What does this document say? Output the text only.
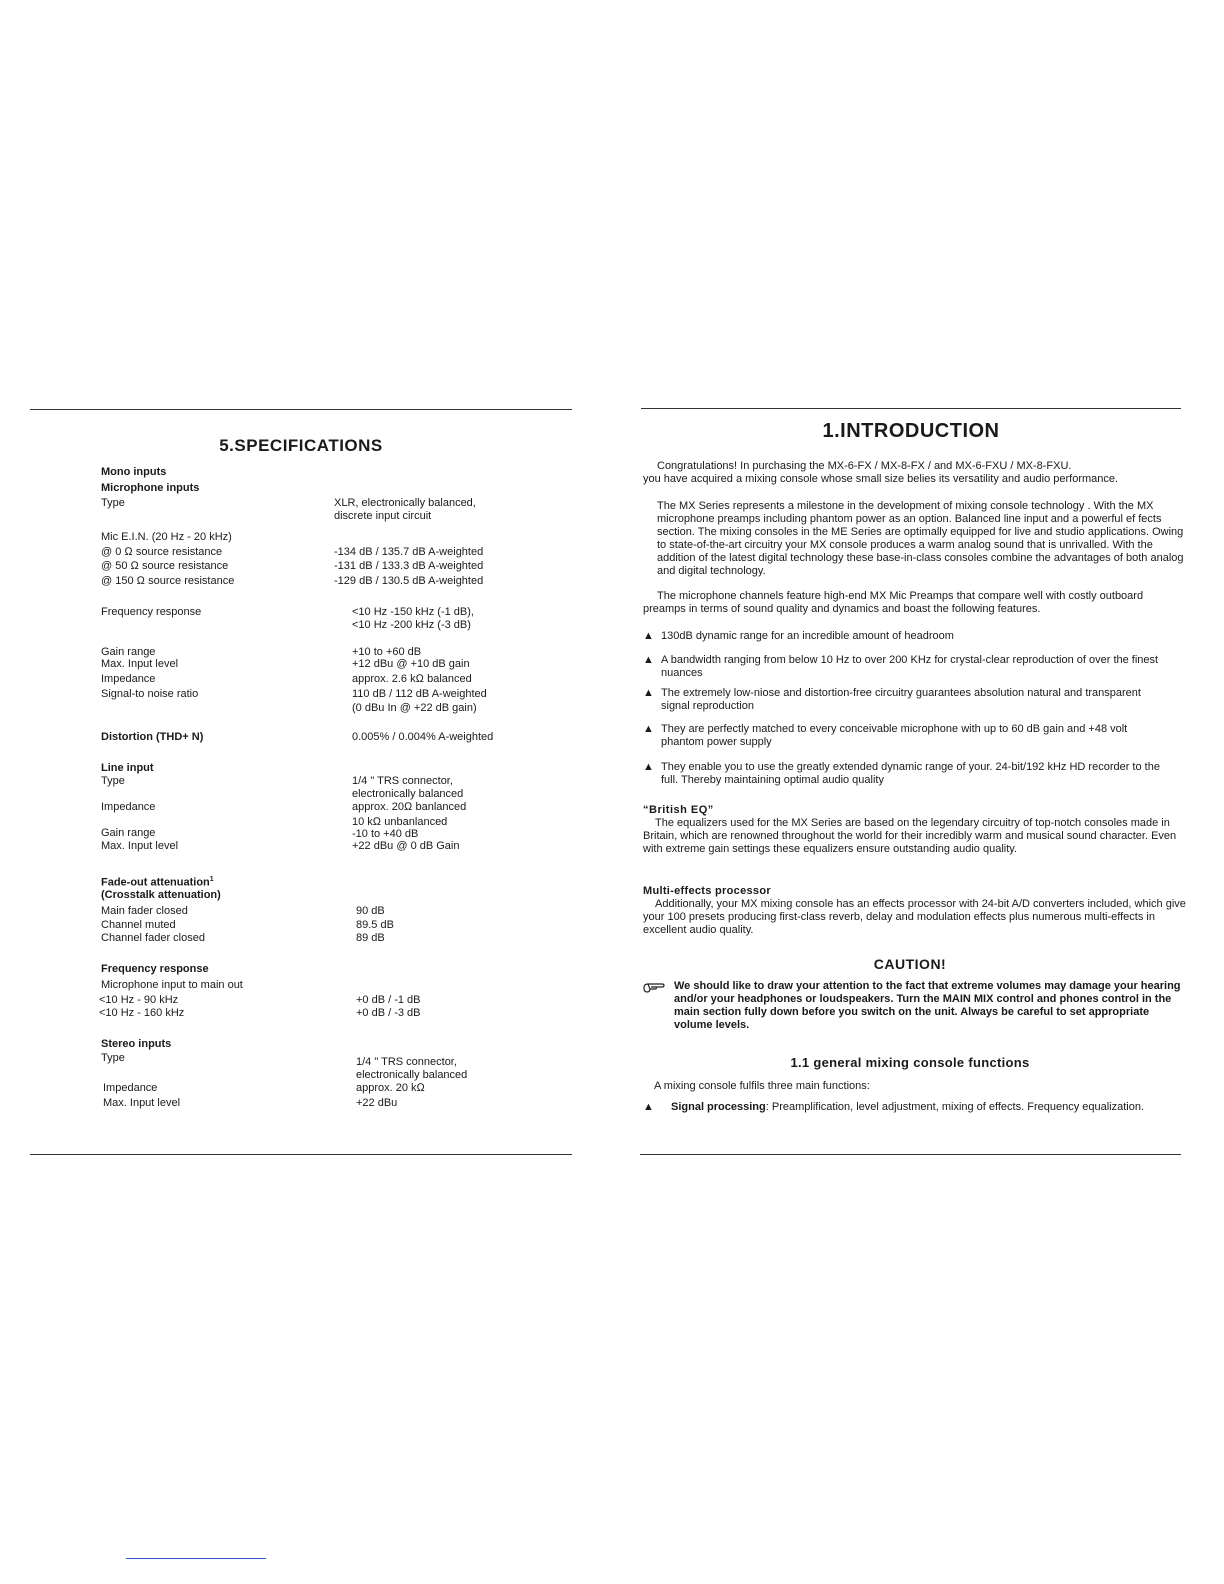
5.SPECIFICATIONS
Mono inputs
Microphone inputs
Type	XLR, electronically balanced,
discrete input circuit
Mic E.I.N. (20 Hz - 20 kHz)
@ 0 Ω source resistance	-134 dB / 135.7 dB A-weighted
@ 50 Ω source resistance	-131 dB / 133.3 dB A-weighted
@ 150 Ω source resistance	-129 dB / 130.5 dB A-weighted
Frequency response	<10 Hz -150 kHz (-1 dB),
<10 Hz -200 kHz (-3 dB)
Gain range	+10 to +60 dB
Max. Input level	+12 dBu @ +10 dB gain
Impedance	approx. 2.6 kΩ balanced
Signal-to noise ratio	110 dB / 112 dB A-weighted
(0 dBu In @ +22 dB gain)
Distortion (THD+ N)	0.005% / 0.004% A-weighted
Line input
Type	1/4 " TRS connector,
electronically balanced
Impedance	approx. 20Ω banlanced
10 kΩ unbanlanced
Gain range	-10 to +40 dB
Max. Input level	+22 dBu @ 0 dB Gain
Fade-out attenuation$^1$
(Crosstalk attenuation)
Main fader closed	90 dB
Channel muted	89.5 dB
Channel fader closed	89 dB
Frequency response
Microphone input to main out
<10 Hz - 90 kHz	+0 dB / -1 dB
<10 Hz - 160 kHz	+0 dB / -3 dB
Stereo inputs
Type	1/4 " TRS connector,
electronically balanced
Impedance	approx. 20 kΩ
Max. Input level	+22 dBu
1.INTRODUCTION
Congratulations! In purchasing the MX-6-FX / MX-8-FX / and MX-6-FXU / MX-8-FXU.
you have acquired a mixing console whose small size belies its versatility and audio performance.
The MX Series represents a milestone in the development of mixing console technology . With the MX microphone preamps including phantom power as an option. Balanced line input and a powerful ef fects section. The mixing consoles in the ME Series are optimally equipped for live and studio applications. Owing to state-of-the-art circuitry your MX console produces a warm analog sound that is unrivalled. With the addition of the latest digital technology these base-in-class consoles combine the advantages of both analog and digital technology.
The microphone channels feature high-end MX Mic Preamps that compare well with costly outboard
preamps in terms of sound quality and dynamics and boast the following features.
▲ 130dB dynamic range for an incredible amount of headroom
▲ A bandwidth ranging from below 10 Hz to over 200 KHz for crystal-clear reproduction of over the finest nuances
▲ The extremely low-niose and distortion-free circuitry guarantees absolution natural and transparent signal reproduction
▲ They are perfectly matched to every conceivable microphone with up to 60 dB gain and +48 volt phantom power supply
▲ They enable you to use the greatly extended dynamic range of your. 24-bit/192 kHz HD recorder to the full. Thereby maintaining optimal audio quality
“British EQ”
The equalizers used for the MX Series are based on the legendary circuitry of top-notch consoles made in Britain, which are renowned throughout the world for their incredibly warm and musical sound character. Even with extreme gain settings these equalizers ensure outstanding audio quality.
Multi-effects processor
Additionally, your MX mixing console has an effects processor with 24-bit A/D converters included, which give your 100 presets producing first-class reverb, delay and modulation effects plus numerous multi-effects in excellent audio quality.
CAUTION!
We should like to draw your attention to the fact that extreme volumes may damage your hearing and/or your headphones or loudspeakers. Turn the MAIN MIX control and phones control in the main section fully down before you switch on the unit. Always be careful to set appropriate volume levels.
1.1 general mixing console functions
A mixing console fulfils three main functions:
▲ Signal processing: Preamplification, level adjustment, mixing of effects. Frequency equalization.
